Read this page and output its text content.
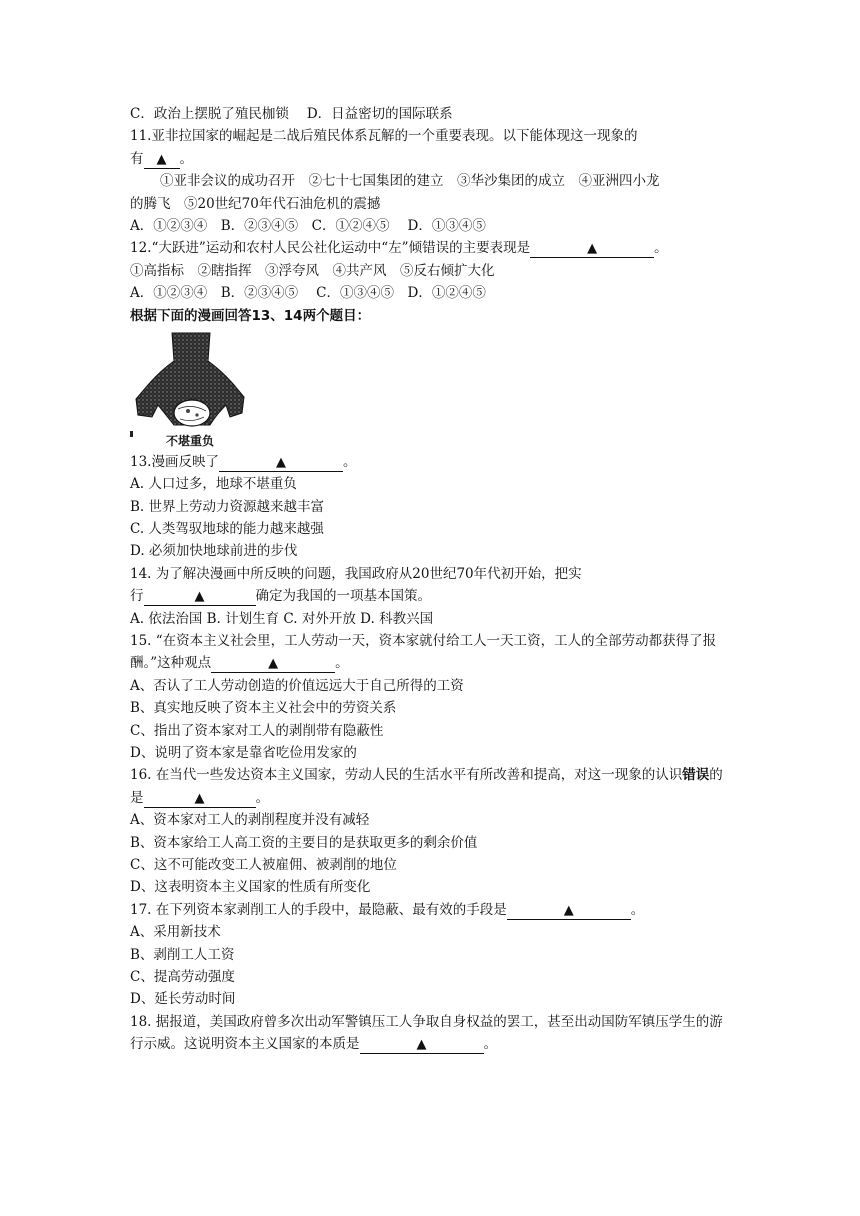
C．政治上摆脱了殖民枷锁 D．日益密切的国际联系
11.亚非拉国家的崛起是二战后殖民体系瓦解的一个重要表现。以下能体现这一现象的
有 ▲ 。
①亚非会议的成功召开　②七十七国集团的建立　③华沙集团的成立　④亚洲四小龙
的腾飞　⑤20世纪70年代石油危机的震撼
A．①②③④　 B．②③④⑤　 C．①②④⑤ D．①③④⑤
12.“大跃进”运动和农村人民公社化运动中“左”倾错误的主要表现是	▲	。
①高指标　②瞎指挥　③浮夸风　④共产风　⑤反右倾扩大化
A．①②③④　 B．②③④⑤ C．①③④⑤　 D．①②④⑤
根据下面的漫画回答13、14两个题目：
不堪重负
13.漫画反映了	▲	。
A. 人口过多，地球不堪重负
B. 世界上劳动力资源越来越丰富
C. 人类驾驭地球的能力越来越强
D. 必须加快地球前进的步伐
14. 为了解决漫画中所反映的问题，我国政府从20世纪70年代初开始，把实
行	▲	确定为我国的一项基本国策。
A. 依法治国 B. 计划生育 C. 对外开放 D. 科教兴国
15. “在资本主义社会里，工人劳动一天，资本家就付给工人一天工资，工人的全部劳动都获得了报
酬。”这种观点	▲	。
A、否认了工人劳动创造的价值远远大于自己所得的工资
B、真实地反映了资本主义社会中的劳资关系
C、指出了资本家对工人的剥削带有隐蔽性
D、说明了资本家是靠省吃俭用发家的
16. 在当代一些发达资本主义国家，劳动人民的生活水平有所改善和提高，对这一现象的认识错误的
是	▲	。
A、资本家对工人的剥削程度并没有减轻
B、资本家给工人高工资的主要目的是获取更多的剩余价值
C、这不可能改变工人被雇佣、被剥削的地位
D、这表明资本主义国家的性质有所变化
17. 在下列资本家剥削工人的手段中，最隐蔽、最有效的手段是	▲	。
A、采用新技术
B、剥削工人工资
C、提高劳动强度
D、延长劳动时间
18. 据报道，美国政府曾多次出动军警镇压工人争取自身权益的罢工，甚至出动国防军镇压学生的游
行示威。这说明资本主义国家的本质是	▲	。
